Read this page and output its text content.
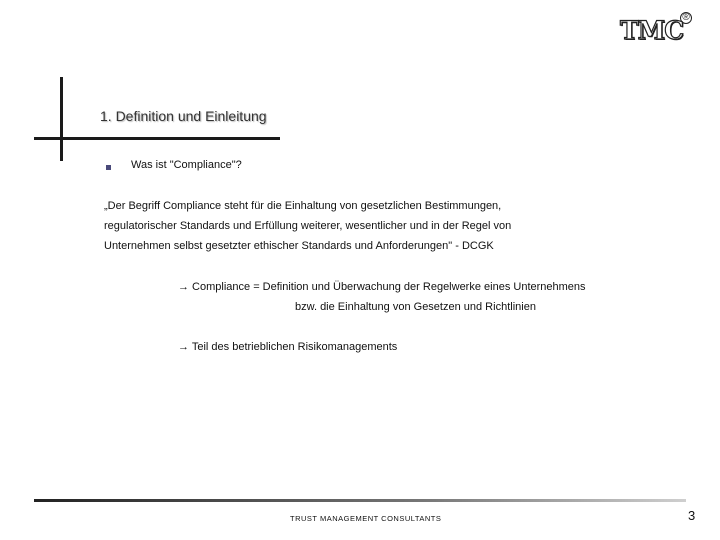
TMC ®
1. Definition und Einleitung
Was ist "Compliance"?
„Der Begriff Compliance steht für die Einhaltung von gesetzlichen Bestimmungen,
regulatorischer Standards und Erfüllung weiterer, wesentlicher und in der Regel von
Unternehmen selbst gesetzter ethischer Standards und Anforderungen" - DCGK
→ Compliance = Definition und Überwachung der Regelwerke eines Unternehmens
bzw. die Einhaltung von Gesetzen und Richtlinien
→ Teil des betrieblichen Risikomanagements
TRUST MANAGEMENT CONSULTANTS	3
